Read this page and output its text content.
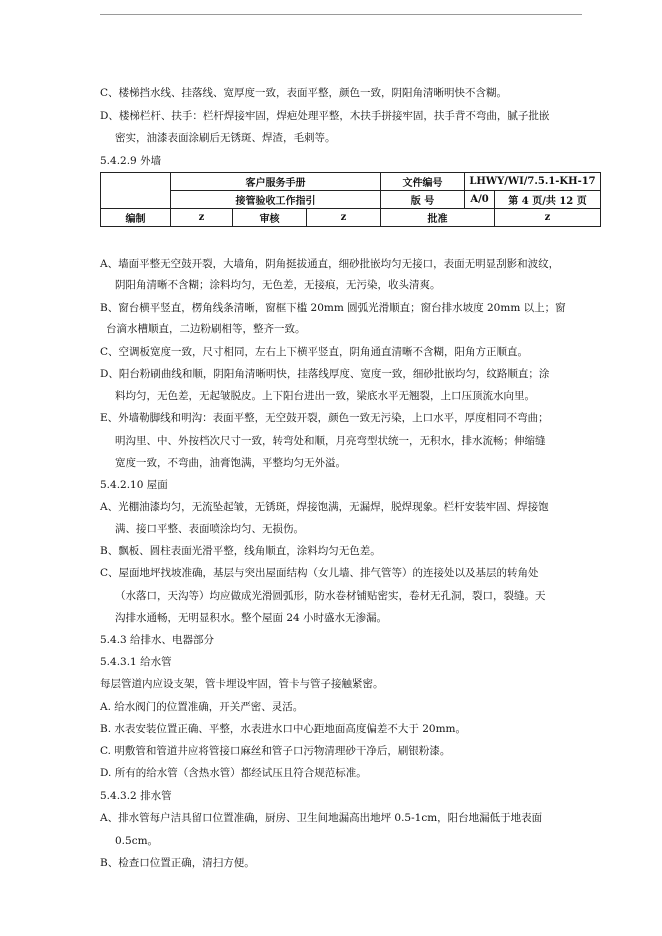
C、楼梯挡水线、挂落线、宽厚度一致，表面平整，颜色一致，阴阳角清晰明快不含糊。
D、楼梯栏杆、扶手：栏杆焊接牢固，焊疤处理平整，木扶手拼接牢固，扶手背不弯曲，腻子批嵌
密实，油漆表面涂刷后无锈斑、焊渣，毛刺等。
5.4.2.9 外墙
	客户服务手册			文件编号	LHWY/WI/7.5.1-KH-17	
	接管验收工作指引			版 号	A/0	第 4 页/共 12 页
编制	z	审核	z	批准		z
A、墙面平整无空鼓开裂，大墙角，阴角挺拔通直，细砂批嵌均匀无接口，表面无明显刮影和波纹，
阴阳角清晰不含糊；涂料均匀，无色差，无接痕，无污染，收头清爽。
B、窗台横平竖直，楞角线条清晰，窗框下槛 20mm 圆弧光滑顺直；窗台排水坡度 20mm 以上；窗
台滴水槽顺直，二边粉刷相等，整齐一致。
C、空调板宽度一致，尺寸相同，左右上下横平竖直，阴角通直清晰不含糊，阳角方正顺直。
D、阳台粉刷曲线和顺，阴阳角清晰明快，挂落线厚度、宽度一致，细砂批嵌均匀，纹路顺直；涂
料均匀，无色差，无起皱脱皮。上下阳台进出一致，梁底水平无翘裂，上口压顶流水向里。
E、外墙勒脚线和明沟：表面平整，无空鼓开裂，颜色一致无污染，上口水平，厚度相同不弯曲；
明沟里、中、外按档次尺寸一致，转弯处和顺，月亮弯型状统一，无积水，排水流畅；伸缩缝
宽度一致，不弯曲，油膏饱满，平整均匀无外溢。
5.4.2.10 屋面
A、光棚油漆均匀，无流坠起皱，无锈斑，焊接饱满，无漏焊，脱焊现象。栏杆安装牢固、焊接饱
满、接口平整、表面喷涂均匀、无损伤。
B、飘板、圆柱表面光滑平整，线角顺直，涂料均匀无色差。
C、屋面地坪找坡准确，基层与突出屋面结构（女儿墙、排气管等）的连接处以及基层的转角处
（水落口，天沟等）均应做成光滑圆弧形，防水卷材铺贴密实，卷材无孔洞，裂口，裂缝。天
沟排水通畅，无明显积水。整个屋面 24 小时盛水无渗漏。
5.4.3 给排水、电器部分
5.4.3.1 给水管
每层管道内应设支架，管卡埋设牢固，管卡与管子接触紧密。
A. 给水阀门的位置准确，开关严密、灵活。
B. 水表安装位置正确、平整，水表进水口中心距地面高度偏差不大于 20mm。
C. 明敷管和管道井应将管接口麻丝和管子口污物清理砂干净后，刷银粉漆。
D. 所有的给水管（含热水管）都经试压且符合规范标准。
5.4.3.2 排水管
A、排水管每户洁具留口位置准确，厨房、卫生间地漏高出地坪 0.5-1cm，阳台地漏低于地表面
0.5cm。
B、检查口位置正确，清扫方便。
